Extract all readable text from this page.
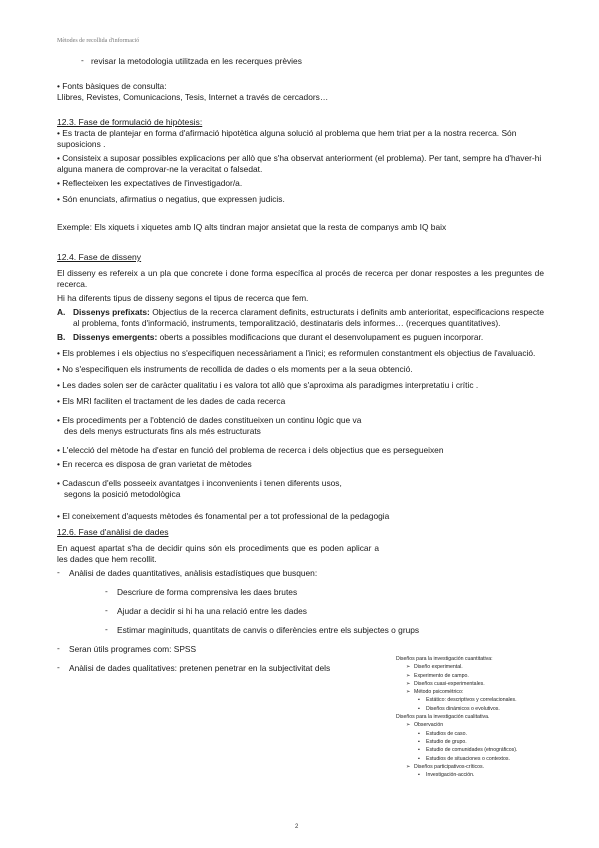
Mètodes de recollida d'informació
- revisar la metodologia utilitzada en les recerques prèvies

• Fonts bàsiques de consulta:

Llibres, Revistes, Comunicacions, Tesis, Internet a través de cercadors…

12.3. Fase de formulació de hipòtesis:

• Es tracta de plantejar en forma d'afirmació hipotètica alguna solució al problema que hem triat per a la nostra recerca. Són suposicions .

• Consisteix a suposar possibles explicacions per allò que s'ha observat anteriorment (el problema). Per tant, sempre ha d'haver-hi alguna manera de comprovar-ne la veracitat o falsedat.

• Reflecteixen les expectatives de l'investigador/a.

• Són enunciats, afirmatius o negatius, que expressen judicis.

Exemple: Els xiquets i xiquetes amb IQ alts tindran major ansietat que la resta de companys amb IQ baix

12.4. Fase de disseny

El disseny es refereix a un pla que concrete i done forma específica al procés de recerca per donar respostes a les preguntes de recerca.

Hi ha diferents tipus de disseny segons el tipus de recerca que fem.

A. Dissenys prefixats: Objectius de la recerca clarament definits, estructurats i definits amb anterioritat, especificacions respecte al problema, fonts d'informació, instruments, temporalització, destinataris dels informes… (recerques quantitatives).
B. Dissenys emergents: oberts a possibles modificacions que durant el desenvolupament es puguen incorporar.

• Els problemes i els objectius no s'especifiquen necessàriament a l'inici; es reformulen constantment els objectius de l'avaluació.

• No s'especifiquen els instruments de recollida de dades o els moments per a la seua obtenció.

• Les dades solen ser de caràcter qualitatiu i es valora tot allò que s'aproxima als paradigmes interpretatiu i crític .

• Els MRI faciliten el tractament de les dades de cada recerca

• Els procediments per a l'obtenció de dades constitueixen un continu lògic que va
des dels menys estructurats fins als més estructurats

• L'elecció del mètode ha d'estar en funció del problema de recerca i dels objectius que es persegueixen

• En recerca es disposa de gran varietat de mètodes

• Cadascun d'ells posseeix avantatges i inconvenients i tenen diferents usos,
segons la posició metodològica

• El coneixement d'aquests mètodes és fonamental per a tot professional de la pedagogia

12.6. Fase d'anàlisi de dades

En aquest apartat s'ha de decidir quins són els procediments que es poden aplicar a les dades que hem recollit.

- Anàlisi de dades quantitatives, anàlisis estadístiques que busquen:
- Descriure de forma comprensiva les daes brutes
- Ajudar a decidir si hi ha una relació entre les dades
- Estimar maginituds, quantitats de canvis o diferències entre els subjectes o grups
- Seran útils programes com: SPSS
- Anàlisi de dades qualitatives: pretenen penetrar en la subjectivitat dels
Diseños para la investigación cuantitativa:
➢ Diseño experimental.
➢ Experimento de campo.
➢ Diseños cuasi-experimentales.
➢ Método psicométrico:
▪ Estático: descriptivos y correlacionales.
▪ Diseños dinámicos o evolutivos.
Diseños para la investigación cualitativa.
➢ Observación
▪ Estudios de caso.
▪ Estudio de grupo.
▪ Estudio de comunidades (etnográficos).
▪ Estudios de situaciones o contextos.
➢ Diseños participativos-críticos.
▪ Investigación-acción.
2
